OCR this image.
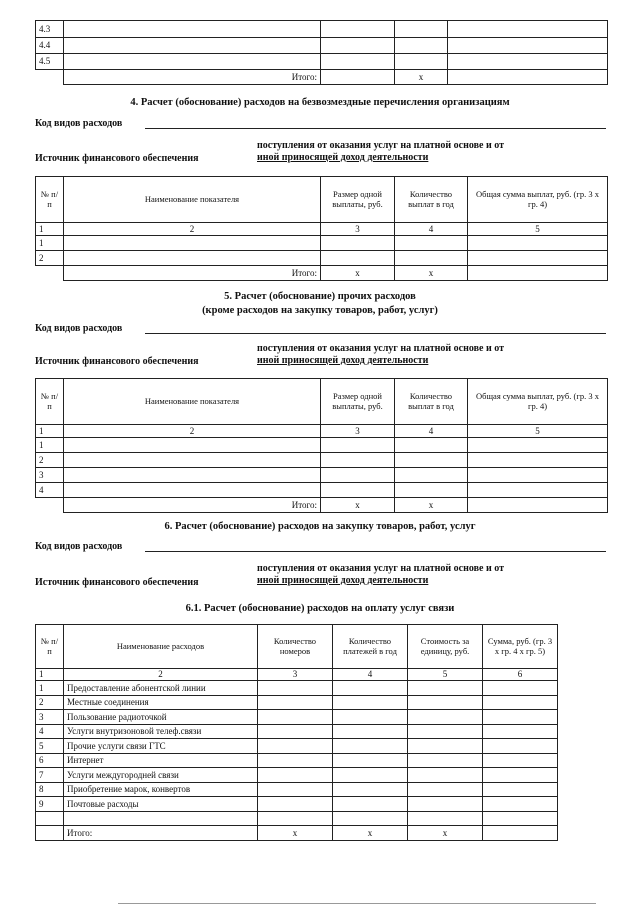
4.3				
4.4				
4.5				
	Итого:		x	
4. Расчет (обоснование) расходов на безвозмездные перечисления организациям
Код видов расходов
поступления от оказания услуг на платной основе и от
иной приносящей доход деятельности
Источник финансового обеспечения
№ п/п	Наименование показателя	Размер одной выплаты, руб.	Количество выплат в год	Общая сумма выплат, руб. (гр. 3 x гр. 4)
1	2	3	4	5
1				
2				
	Итого:	x	x	
5. Расчет (обоснование) прочих расходов
(кроме расходов на закупку товаров, работ, услуг)
Код видов расходов
поступления от оказания услуг на платной основе и от
иной приносящей доход деятельности
Источник финансового обеспечения
№ п/п	Наименование показателя	Размер одной выплаты, руб.	Количество выплат в год	Общая сумма выплат, руб. (гр. 3 x гр. 4)
1	2	3	4	5
1				
2				
3				
4				
	Итого:	x	x	
6. Расчет (обоснование) расходов на закупку товаров, работ, услуг
Код видов расходов
поступления от оказания услуг на платной основе и от
иной приносящей доход деятельности
Источник финансового обеспечения
6.1. Расчет (обоснование) расходов на оплату услуг связи
№ п/п	Наименование расходов	Количество номеров	Количество платежей в год	Стоимость за единицу, руб.	Сумма, руб. (гр. 3 x гр. 4 x гр. 5)
1	2	3	4	5	6
1	Предоставление абонентской линии				
2	Местные соединения				
3	Пользование радиоточкой				
4	Услуги внутризоновой телеф.связи				
5	Прочие услуги связи ГТС				
6	Интернет				
7	Услуги междугородней связи				
8	Приобретение марок, конвертов				
9	Почтовые расходы				

	Итого:	x	x	x	
